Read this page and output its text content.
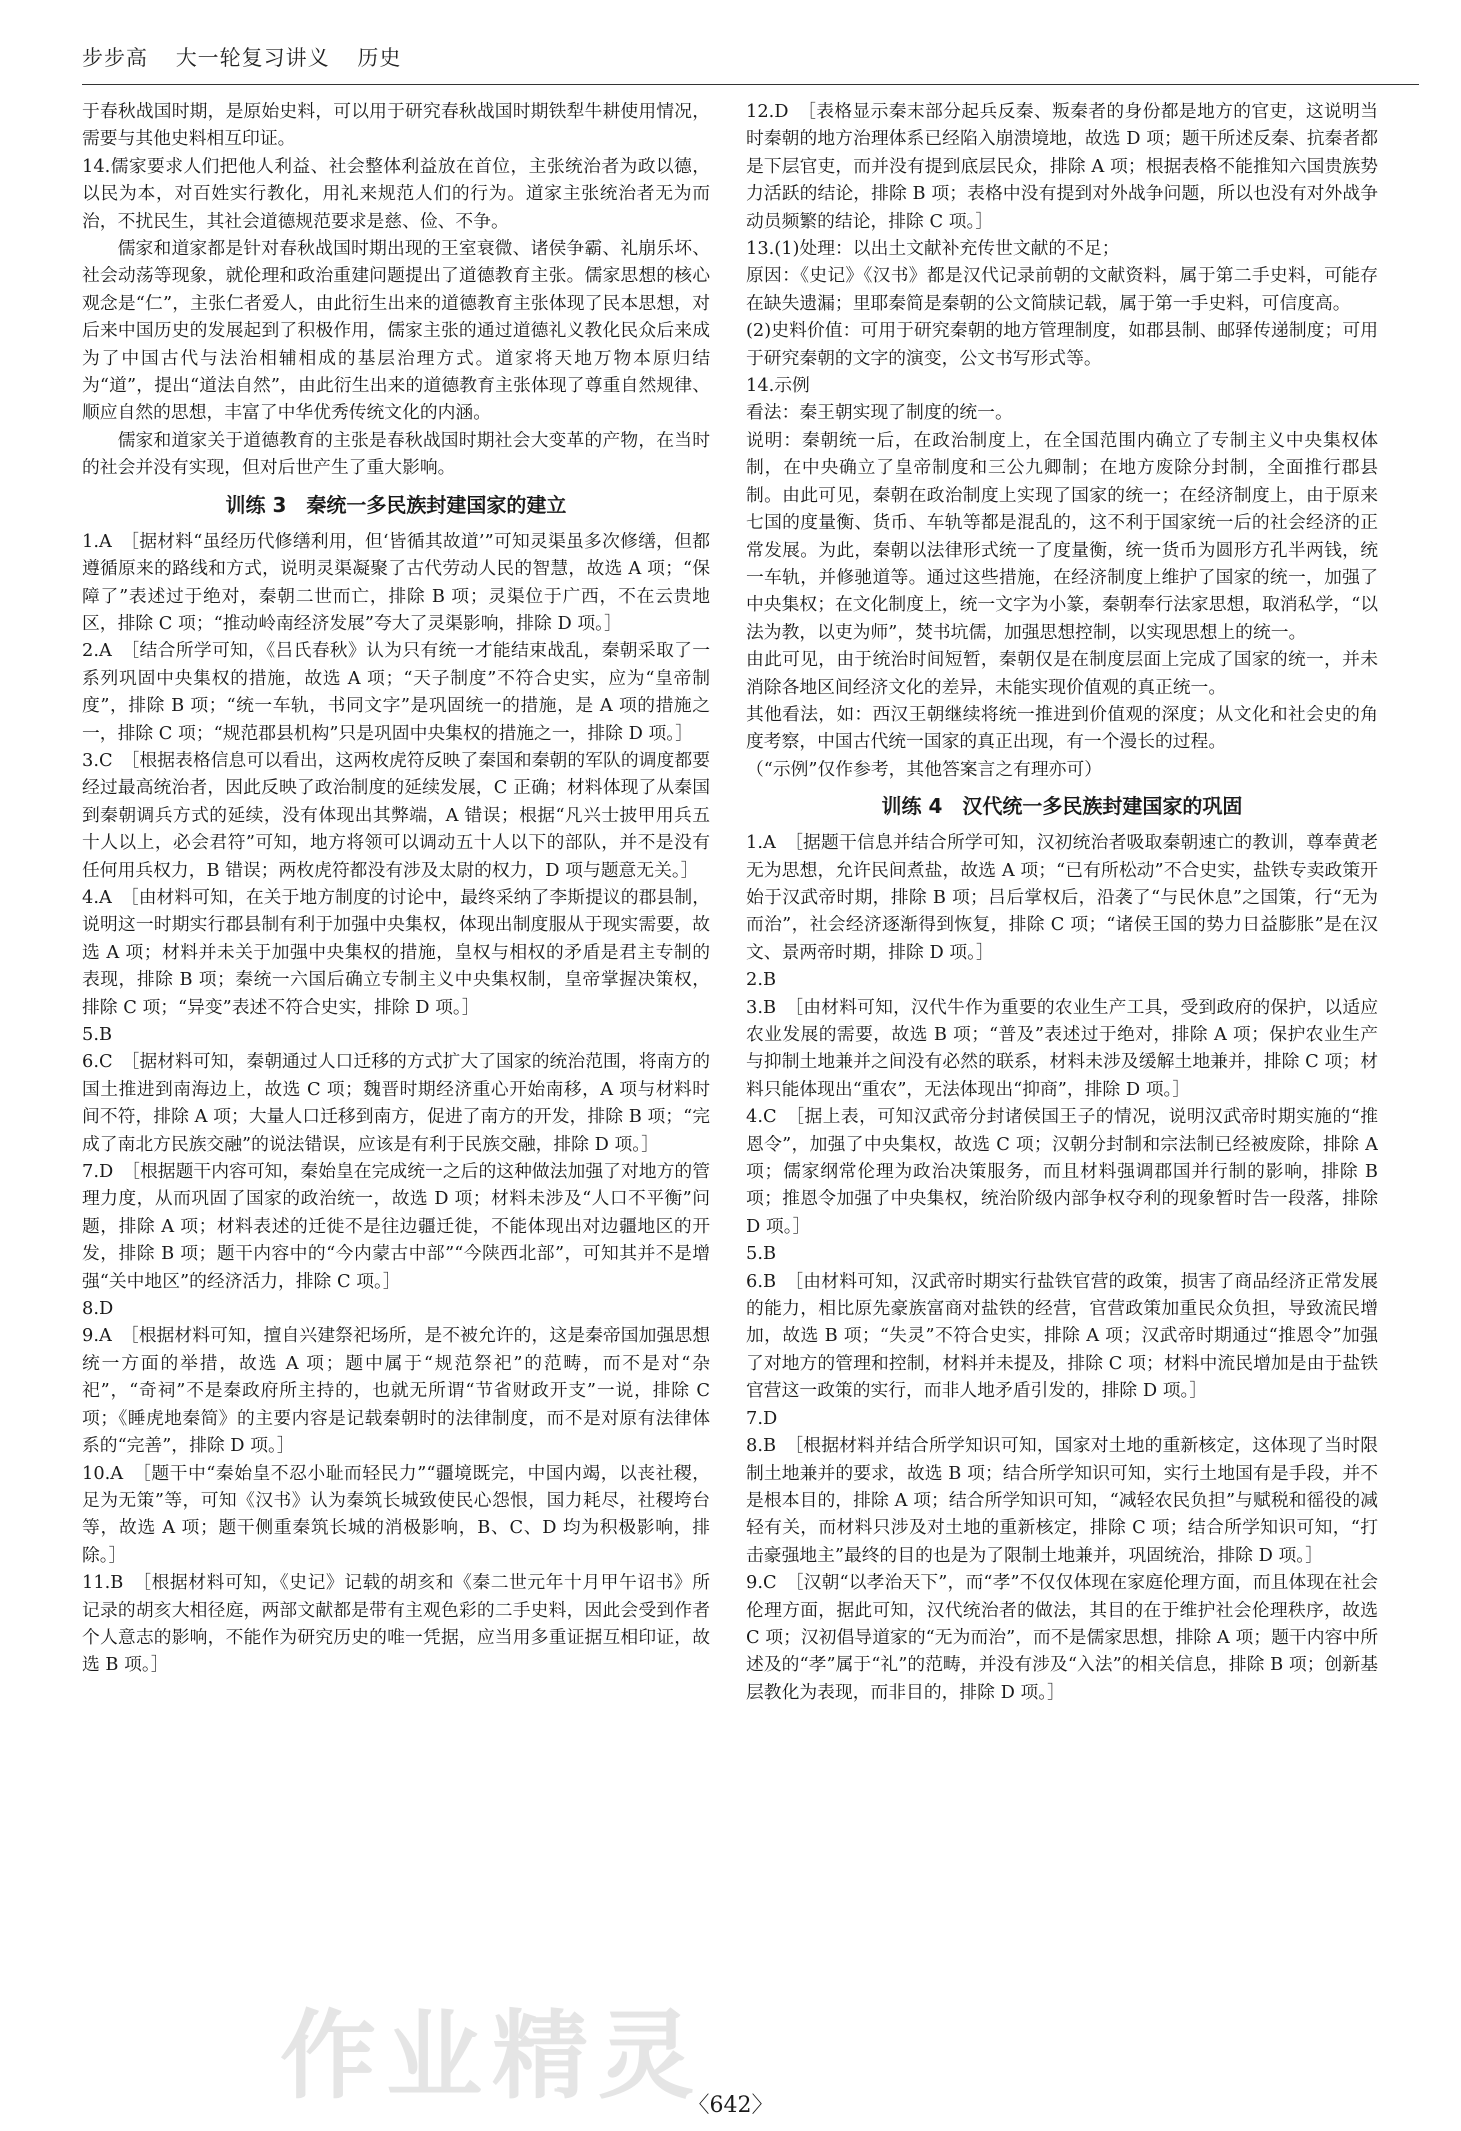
步步高 大一轮复习讲义 历史

于春秋战国时期，是原始史料，可以用于研究春秋战国时期铁犁牛耕使用情况，需要与其他史料相互印证。

14.儒家要求人们把他人利益、社会整体利益放在首位，主张统治者为政以德，以民为本，对百姓实行教化，用礼来规范人们的行为。道家主张统治者无为而治，不扰民生，其社会道德规范要求是慈、俭、不争。

儒家和道家都是针对春秋战国时期出现的王室衰微、诸侯争霸、礼崩乐坏、社会动荡等现象，就伦理和政治重建问题提出了道德教育主张。儒家思想的核心观念是“仁”，主张仁者爱人，由此衍生出来的道德教育主张体现了民本思想，对后来中国历史的发展起到了积极作用，儒家主张的通过道德礼义教化民众后来成为了中国古代与法治相辅相成的基层治理方式。道家将天地万物本原归结为“道”，提出“道法自然”，由此衍生出来的道德教育主张体现了尊重自然规律、顺应自然的思想，丰富了中华优秀传统文化的内涵。

儒家和道家关于道德教育的主张是春秋战国时期社会大变革的产物，在当时的社会并没有实现，但对后世产生了重大影响。

训练 3　秦统一多民族封建国家的建立

1.A　［据材料“虽经历代修缮利用，但‘皆循其故道’”可知灵渠虽多次修缮，但都遵循原来的路线和方式，说明灵渠凝聚了古代劳动人民的智慧，故选 A 项；“保障了”表述过于绝对，秦朝二世而亡，排除 B 项；灵渠位于广西，不在云贵地区，排除 C 项；“推动岭南经济发展”夸大了灵渠影响，排除 D 项。］

2.A　［结合所学可知，《吕氏春秋》认为只有统一才能结束战乱，秦朝采取了一系列巩固中央集权的措施，故选 A 项；“天子制度”不符合史实，应为“皇帝制度”，排除 B 项；“统一车轨，书同文字”是巩固统一的措施，是 A 项的措施之一，排除 C 项；“规范郡县机构”只是巩固中央集权的措施之一，排除 D 项。］

3.C　［根据表格信息可以看出，这两枚虎符反映了秦国和秦朝的军队的调度都要经过最高统治者，因此反映了政治制度的延续发展，C 正确；材料体现了从秦国到秦朝调兵方式的延续，没有体现出其弊端，A 错误；根据“凡兴士披甲用兵五十人以上，必会君符”可知，地方将领可以调动五十人以下的部队，并不是没有任何用兵权力，B 错误；两枚虎符都没有涉及太尉的权力，D 项与题意无关。］

4.A　［由材料可知，在关于地方制度的讨论中，最终采纳了李斯提议的郡县制，说明这一时期实行郡县制有利于加强中央集权，体现出制度服从于现实需要，故选 A 项；材料并未关于加强中央集权的措施，皇权与相权的矛盾是君主专制的表现，排除 B 项；秦统一六国后确立专制主义中央集权制，皇帝掌握决策权，排除 C 项；“异变”表述不符合史实，排除 D 项。］

5.B

6.C　［据材料可知，秦朝通过人口迁移的方式扩大了国家的统治范围，将南方的国土推进到南海边上，故选 C 项；魏晋时期经济重心开始南移，A 项与材料时间不符，排除 A 项；大量人口迁移到南方，促进了南方的开发，排除 B 项；“完成了南北方民族交融”的说法错误，应该是有利于民族交融，排除 D 项。］

7.D　［根据题干内容可知，秦始皇在完成统一之后的这种做法加强了对地方的管理力度，从而巩固了国家的政治统一，故选 D 项；材料未涉及“人口不平衡”问题，排除 A 项；材料表述的迁徙不是往边疆迁徙，不能体现出对边疆地区的开发，排除 B 项；题干内容中的“今内蒙古中部”“今陕西北部”，可知其并不是增强“关中地区”的经济活力，排除 C 项。］

8.D

9.A　［根据材料可知，擅自兴建祭祀场所，是不被允许的，这是秦帝国加强思想统一方面的举措，故选 A 项；题中属于“规范祭祀”的范畴，而不是对“杂祀”，“奇祠”不是秦政府所主持的，也就无所谓“节省财政开支”一说，排除 C 项；《睡虎地秦简》的主要内容是记载秦朝时的法律制度，而不是对原有法律体系的“完善”，排除 D 项。］

10.A　［题干中“秦始皇不忍小耻而轻民力”“疆境既完，中国内竭，以丧社稷，足为无策”等，可知《汉书》认为秦筑长城致使民心怨恨，国力耗尽，社稷垮台等，故选 A 项；题干侧重秦筑长城的消极影响，B、C、D 均为积极影响，排除。］

11.B　［根据材料可知，《史记》记载的胡亥和《秦二世元年十月甲午诏书》所记录的胡亥大相径庭，两部文献都是带有主观色彩的二手史料，因此会受到作者个人意志的影响，不能作为研究历史的唯一凭据，应当用多重证据互相印证，故选 B 项。］

12.D　［表格显示秦末部分起兵反秦、叛秦者的身份都是地方的官吏，这说明当时秦朝的地方治理体系已经陷入崩溃境地，故选 D 项；题干所述反秦、抗秦者都是下层官吏，而并没有提到底层民众，排除 A 项；根据表格不能推知六国贵族势力活跃的结论，排除 B 项；表格中没有提到对外战争问题，所以也没有对外战争动员频繁的结论，排除 C 项。］

13.(1)处理：以出土文献补充传世文献的不足；

原因：《史记》《汉书》都是汉代记录前朝的文献资料，属于第二手史料，可能存在缺失遗漏；里耶秦简是秦朝的公文简牍记载，属于第一手史料，可信度高。

(2)史料价值：可用于研究秦朝的地方管理制度，如郡县制、邮驿传递制度；可用于研究秦朝的文字的演变，公文书写形式等。

14.示例

看法：秦王朝实现了制度的统一。

说明：秦朝统一后，在政治制度上，在全国范围内确立了专制主义中央集权体制，在中央确立了皇帝制度和三公九卿制；在地方废除分封制，全面推行郡县制。由此可见，秦朝在政治制度上实现了国家的统一；在经济制度上，由于原来七国的度量衡、货币、车轨等都是混乱的，这不利于国家统一后的社会经济的正常发展。为此，秦朝以法律形式统一了度量衡，统一货币为圆形方孔半两钱，统一车轨，并修驰道等。通过这些措施，在经济制度上维护了国家的统一，加强了中央集权；在文化制度上，统一文字为小篆，秦朝奉行法家思想，取消私学，“以法为教，以吏为师”，焚书坑儒，加强思想控制，以实现思想上的统一。

由此可见，由于统治时间短暂，秦朝仅是在制度层面上完成了国家的统一，并未消除各地区间经济文化的差异，未能实现价值观的真正统一。

其他看法，如：西汉王朝继续将统一推进到价值观的深度；从文化和社会史的角度考察，中国古代统一国家的真正出现，有一个漫长的过程。

（“示例”仅作参考，其他答案言之有理亦可）

训练 4　汉代统一多民族封建国家的巩固

1.A　［据题干信息并结合所学可知，汉初统治者吸取秦朝速亡的教训，尊奉黄老无为思想，允许民间煮盐，故选 A 项；“已有所松动”不合史实，盐铁专卖政策开始于汉武帝时期，排除 B 项；吕后掌权后，沿袭了“与民休息”之国策，行“无为而治”，社会经济逐渐得到恢复，排除 C 项；“诸侯王国的势力日益膨胀”是在汉文、景两帝时期，排除 D 项。］

2.B

3.B　［由材料可知，汉代牛作为重要的农业生产工具，受到政府的保护，以适应农业发展的需要，故选 B 项；“普及”表述过于绝对，排除 A 项；保护农业生产与抑制土地兼并之间没有必然的联系，材料未涉及缓解土地兼并，排除 C 项；材料只能体现出“重农”，无法体现出“抑商”，排除 D 项。］

4.C　［据上表，可知汉武帝分封诸侯国王子的情况，说明汉武帝时期实施的“推恩令”，加强了中央集权，故选 C 项；汉朝分封制和宗法制已经被废除，排除 A 项；儒家纲常伦理为政治决策服务，而且材料强调郡国并行制的影响，排除 B 项；推恩令加强了中央集权，统治阶级内部争权夺利的现象暂时告一段落，排除 D 项。］

5.B

6.B　［由材料可知，汉武帝时期实行盐铁官营的政策，损害了商品经济正常发展的能力，相比原先豪族富商对盐铁的经营，官营政策加重民众负担，导致流民增加，故选 B 项；“失灵”不符合史实，排除 A 项；汉武帝时期通过“推恩令”加强了对地方的管理和控制，材料并未提及，排除 C 项；材料中流民增加是由于盐铁官营这一政策的实行，而非人地矛盾引发的，排除 D 项。］

7.D

8.B　［根据材料并结合所学知识可知，国家对土地的重新核定，这体现了当时限制土地兼并的要求，故选 B 项；结合所学知识可知，实行土地国有是手段，并不是根本目的，排除 A 项；结合所学知识可知，“减轻农民负担”与赋税和徭役的减轻有关，而材料只涉及对土地的重新核定，排除 C 项；结合所学知识可知，“打击豪强地主”最终的目的也是为了限制土地兼并，巩固统治，排除 D 项。］

9.C　［汉朝“以孝治天下”，而“孝”不仅仅体现在家庭伦理方面，而且体现在社会伦理方面，据此可知，汉代统治者的做法，其目的在于维护社会伦理秩序，故选 C 项；汉初倡导道家的“无为而治”，而不是儒家思想，排除 A 项；题干内容中所述及的“孝”属于“礼”的范畴，并没有涉及“入法”的相关信息，排除 B 项；创新基层教化为表现，而非目的，排除 D 项。］

作业精灵
〈642〉
